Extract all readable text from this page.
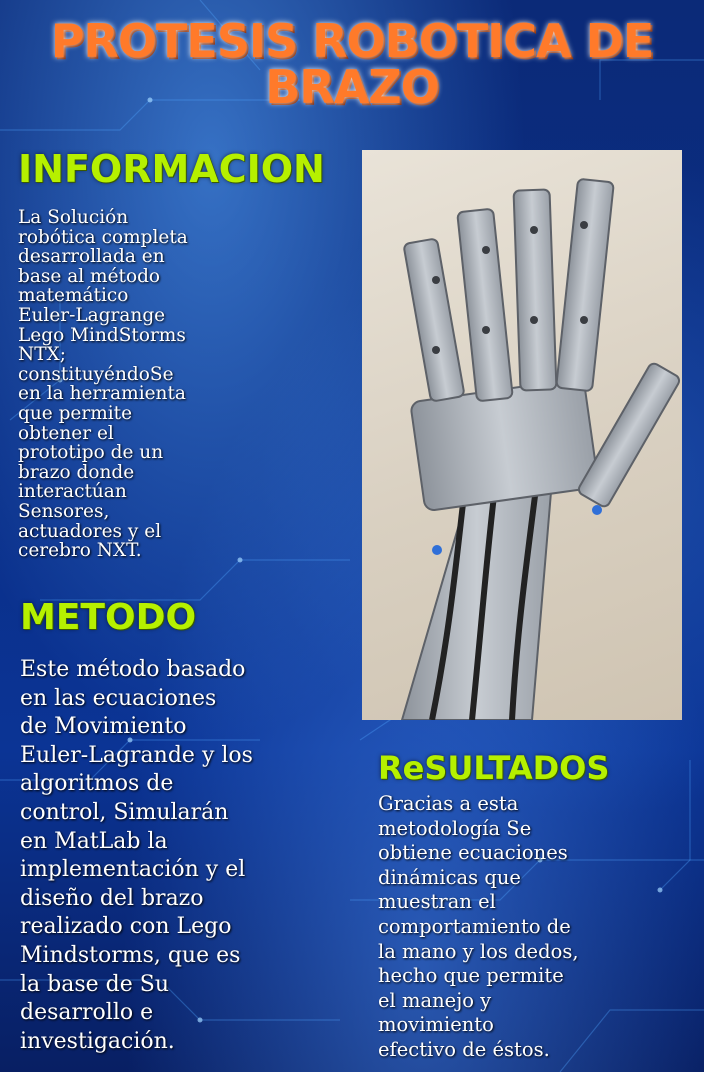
PROTESIS ROBOTICA DE
BRAZO
INFORMACION
La Solución
robótica completa
desarrollada en
base al método
matemático
Euler-Lagrange
Lego MindStorms
NTX;
constituyéndoSe
en la herramienta
que permite
obtener el
prototipo de un
brazo donde
interactúan
Sensores,
actuadores y el
cerebro NXT.
METODO
Este método basado
en las ecuaciones
de Movimiento
Euler-Lagrande y los
algoritmos de
control, Simularán
en MatLab la
implementación y el
diseño del brazo
realizado con Lego
Mindstorms, que es
la base de Su
desarrollo e
investigación.
ReSULTADOS
Gracias a esta
metodología Se
obtiene ecuaciones
dinámicas que
muestran el
comportamiento de
la mano y los dedos,
hecho que permite
el manejo y
movimiento
efectivo de éstos.
